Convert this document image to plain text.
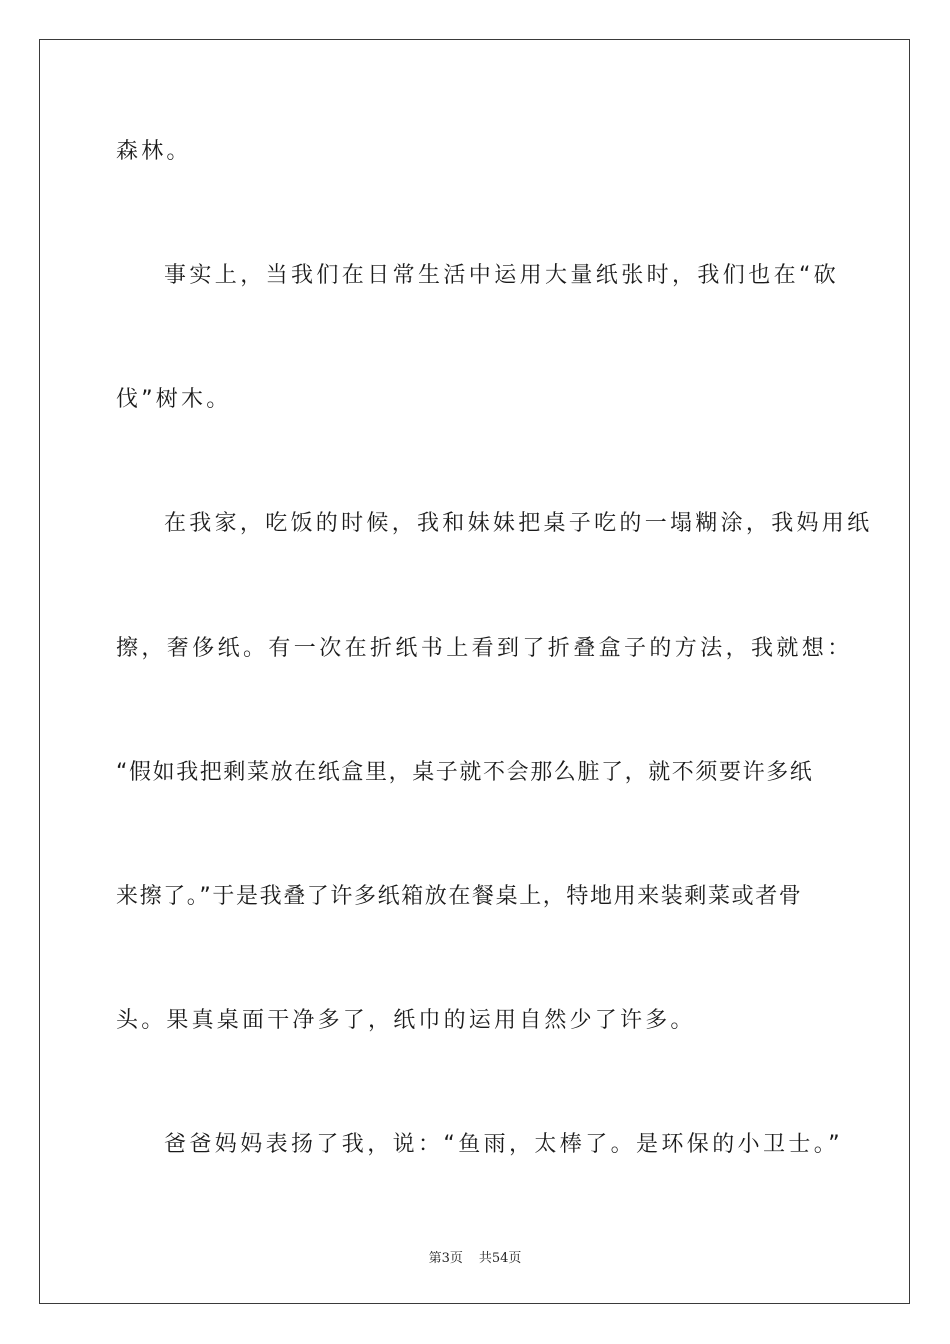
森林。
事实上，当我们在日常生活中运用大量纸张时，我们也在“砍
伐”树木。
在我家，吃饭的时候，我和妹妹把桌子吃的一塌糊涂，我妈用纸
擦，奢侈纸。有一次在折纸书上看到了折叠盒子的方法，我就想：
“假如我把剩菜放在纸盒里，桌子就不会那么脏了，就不须要许多纸
来擦了。”于是我叠了许多纸箱放在餐桌上，特地用来装剩菜或者骨
头。果真桌面干净多了，纸巾的运用自然少了许多。
爸爸妈妈表扬了我，说：“鱼雨，太棒了。是环保的小卫士。”
第3页 共54页
